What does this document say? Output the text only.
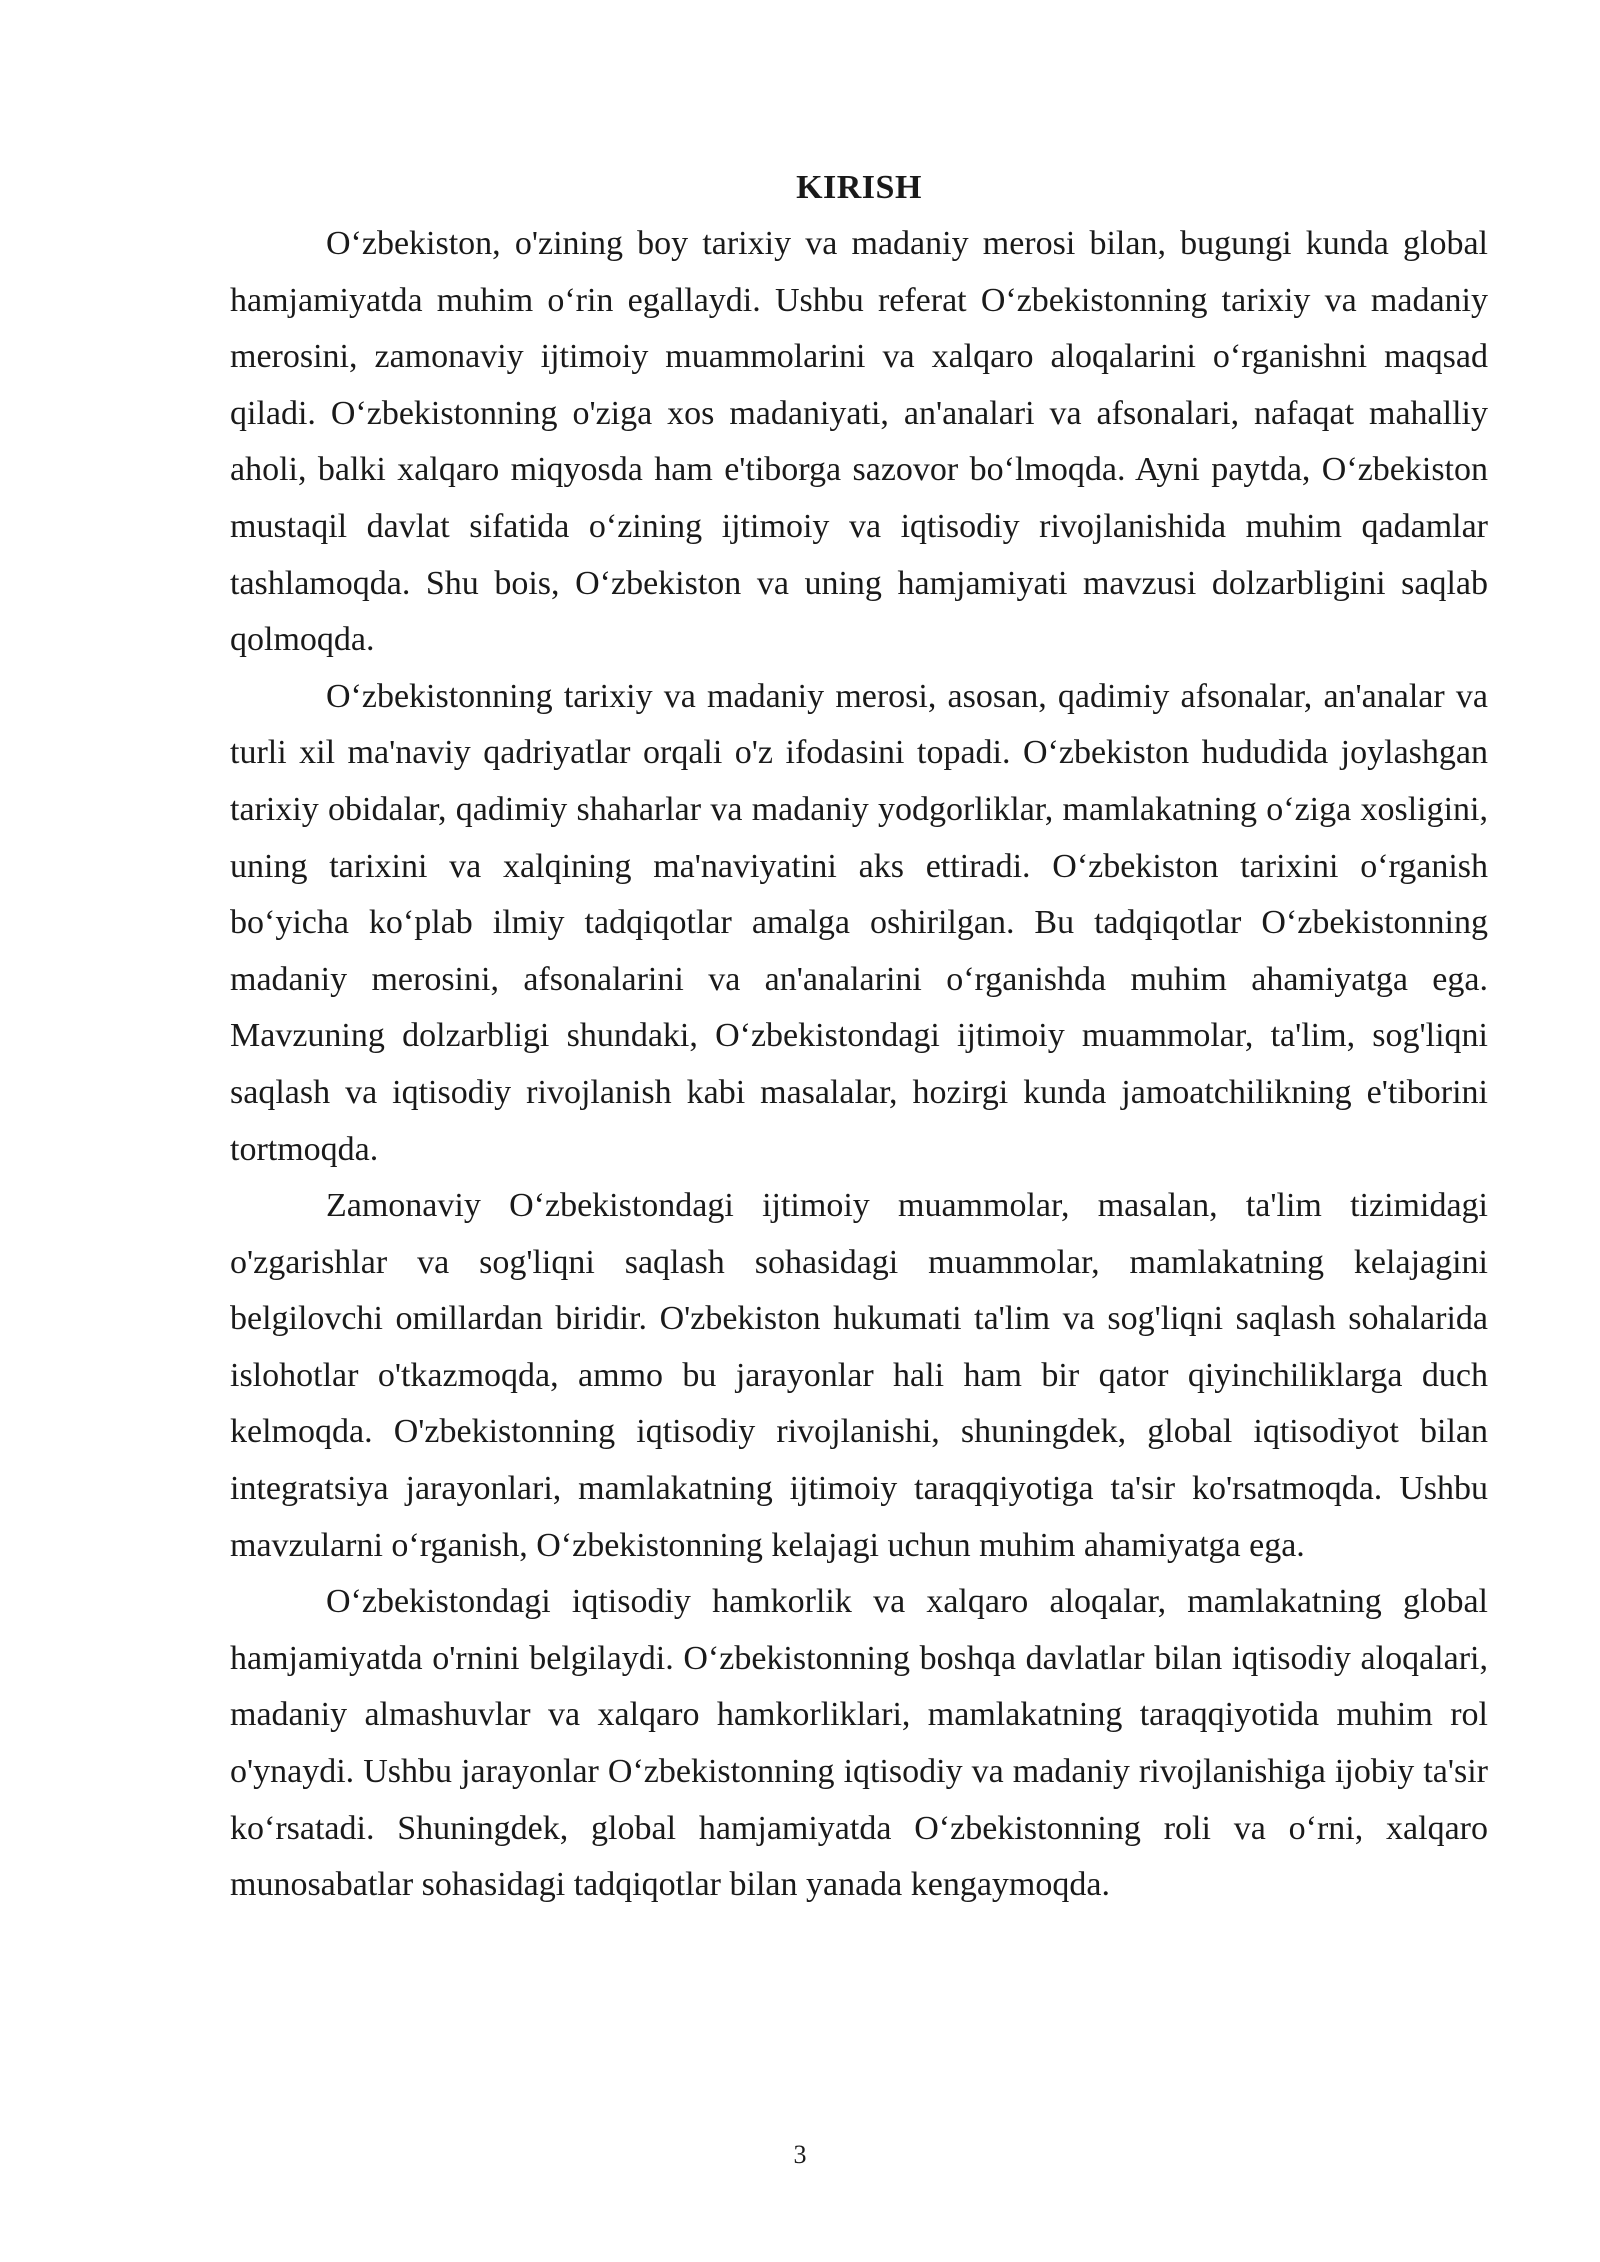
KIRISH

O‘zbekiston, o'zining boy tarixiy va madaniy merosi bilan, bugungi kunda global hamjamiyatda muhim o‘rin egallaydi. Ushbu referat O‘zbekistonning tarixiy va madaniy merosini, zamonaviy ijtimoiy muammolarini va xalqaro aloqalarini o‘rganishni maqsad qiladi. O‘zbekistonning o'ziga xos madaniyati, an'analari va afsonalari, nafaqat mahalliy aholi, balki xalqaro miqyosda ham e'tiborga sazovor bo‘lmoqda. Ayni paytda, O‘zbekiston mustaqil davlat sifatida o‘zining ijtimoiy va iqtisodiy rivojlanishida muhim qadamlar tashlamoqda. Shu bois, O‘zbekiston va uning hamjamiyati mavzusi dolzarbligini saqlab qolmoqda.

O‘zbekistonning tarixiy va madaniy merosi, asosan, qadimiy afsonalar, an'analar va turli xil ma'naviy qadriyatlar orqali o'z ifodasini topadi. O‘zbekiston hududida joylashgan tarixiy obidalar, qadimiy shaharlar va madaniy yodgorliklar, mamlakatning o‘ziga xosligini, uning tarixini va xalqining ma'naviyatini aks ettiradi. O‘zbekiston tarixini o‘rganish bo‘yicha ko‘plab ilmiy tadqiqotlar amalga oshirilgan. Bu tadqiqotlar O‘zbekistonning madaniy merosini, afsonalarini va an'analarini o‘rganishda muhim ahamiyatga ega. Mavzuning dolzarbligi shundaki, O‘zbekistondagi ijtimoiy muammolar, ta'lim, sog'liqni saqlash va iqtisodiy rivojlanish kabi masalalar, hozirgi kunda jamoatchilikning e'tiborini tortmoqda.

Zamonaviy O‘zbekistondagi ijtimoiy muammolar, masalan, ta'lim tizimidagi o'zgarishlar va sog'liqni saqlash sohasidagi muammolar, mamlakatning kelajagini belgilovchi omillardan biridir. O'zbekiston hukumati ta'lim va sog'liqni saqlash sohalarida islohotlar o'tkazmoqda, ammo bu jarayonlar hali ham bir qator qiyinchiliklarga duch kelmoqda. O'zbekistonning iqtisodiy rivojlanishi, shuningdek, global iqtisodiyot bilan integratsiya jarayonlari, mamlakatning ijtimoiy taraqqiyotiga ta'sir ko'rsatmoqda. Ushbu mavzularni o‘rganish, O‘zbekistonning kelajagi uchun muhim ahamiyatga ega.

O‘zbekistondagi iqtisodiy hamkorlik va xalqaro aloqalar, mamlakatning global hamjamiyatda o'rnini belgilaydi. O‘zbekistonning boshqa davlatlar bilan iqtisodiy aloqalari, madaniy almashuvlar va xalqaro hamkorliklari, mamlakatning taraqqiyotida muhim rol o'ynaydi. Ushbu jarayonlar O‘zbekistonning iqtisodiy va madaniy rivojlanishiga ijobiy ta'sir ko‘rsatadi. Shuningdek, global hamjamiyatda O‘zbekistonning roli va o‘rni, xalqaro munosabatlar sohasidagi tadqiqotlar bilan yanada kengaymoqda.

3
